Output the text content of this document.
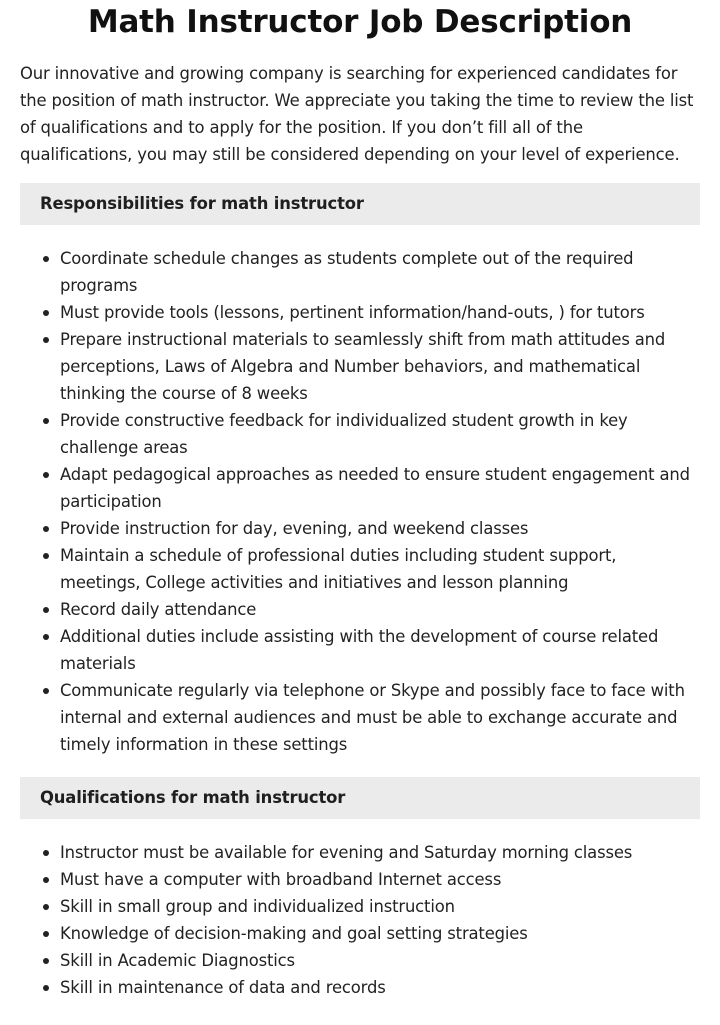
Math Instructor Job Description

Our innovative and growing company is searching for experienced candidates for the position of math instructor. We appreciate you taking the time to review the list of qualifications and to apply for the position. If you don’t fill all of the qualifications, you may still be considered depending on your level of experience.

Responsibilities for math instructor
Coordinate schedule changes as students complete out of the required programs
Must provide tools (lessons, pertinent information/hand-outs, ) for tutors
Prepare instructional materials to seamlessly shift from math attitudes and perceptions, Laws of Algebra and Number behaviors, and mathematical thinking the course of 8 weeks
Provide constructive feedback for individualized student growth in key challenge areas
Adapt pedagogical approaches as needed to ensure student engagement and participation
Provide instruction for day, evening, and weekend classes
Maintain a schedule of professional duties including student support, meetings, College activities and initiatives and lesson planning
Record daily attendance
Additional duties include assisting with the development of course related materials
Communicate regularly via telephone or Skype and possibly face to face with internal and external audiences and must be able to exchange accurate and timely information in these settings
Qualifications for math instructor
Instructor must be available for evening and Saturday morning classes
Must have a computer with broadband Internet access
Skill in small group and individualized instruction
Knowledge of decision-making and goal setting strategies
Skill in Academic Diagnostics
Skill in maintenance of data and records
